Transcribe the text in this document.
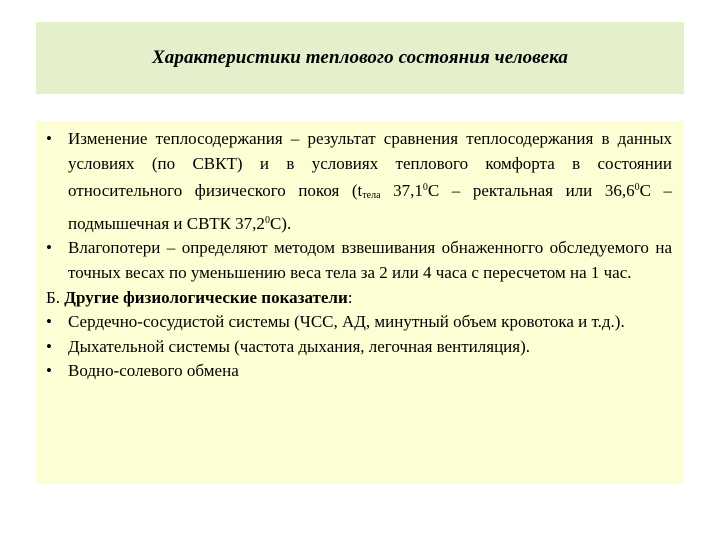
Характеристики теплового состояния человека
• Изменение теплосодержания – результат сравнения теплосодержания в данных условиях (по СВКТ) и в условиях теплового комфорта в состоянии относительного физического покоя ($t_{тела}$ 37,1$^0$С – ректальная или 36,6$^0$С – подмышечная и СВТК 37,2$^0$С).
• Влагопотери – определяют методом взвешивания обнаженногго обследуемого на точных весах по уменьшению веса тела за 2 или 4 часа с пересчетом на 1 час.
Б. Другие физиологические показатели:
• Сердечно-сосудистой системы (ЧСС, АД, минутный объем кровотока и т.д.).
• Дыхательной системы (частота дыхания, легочная вентиляция).
• Водно-солевого обмена
